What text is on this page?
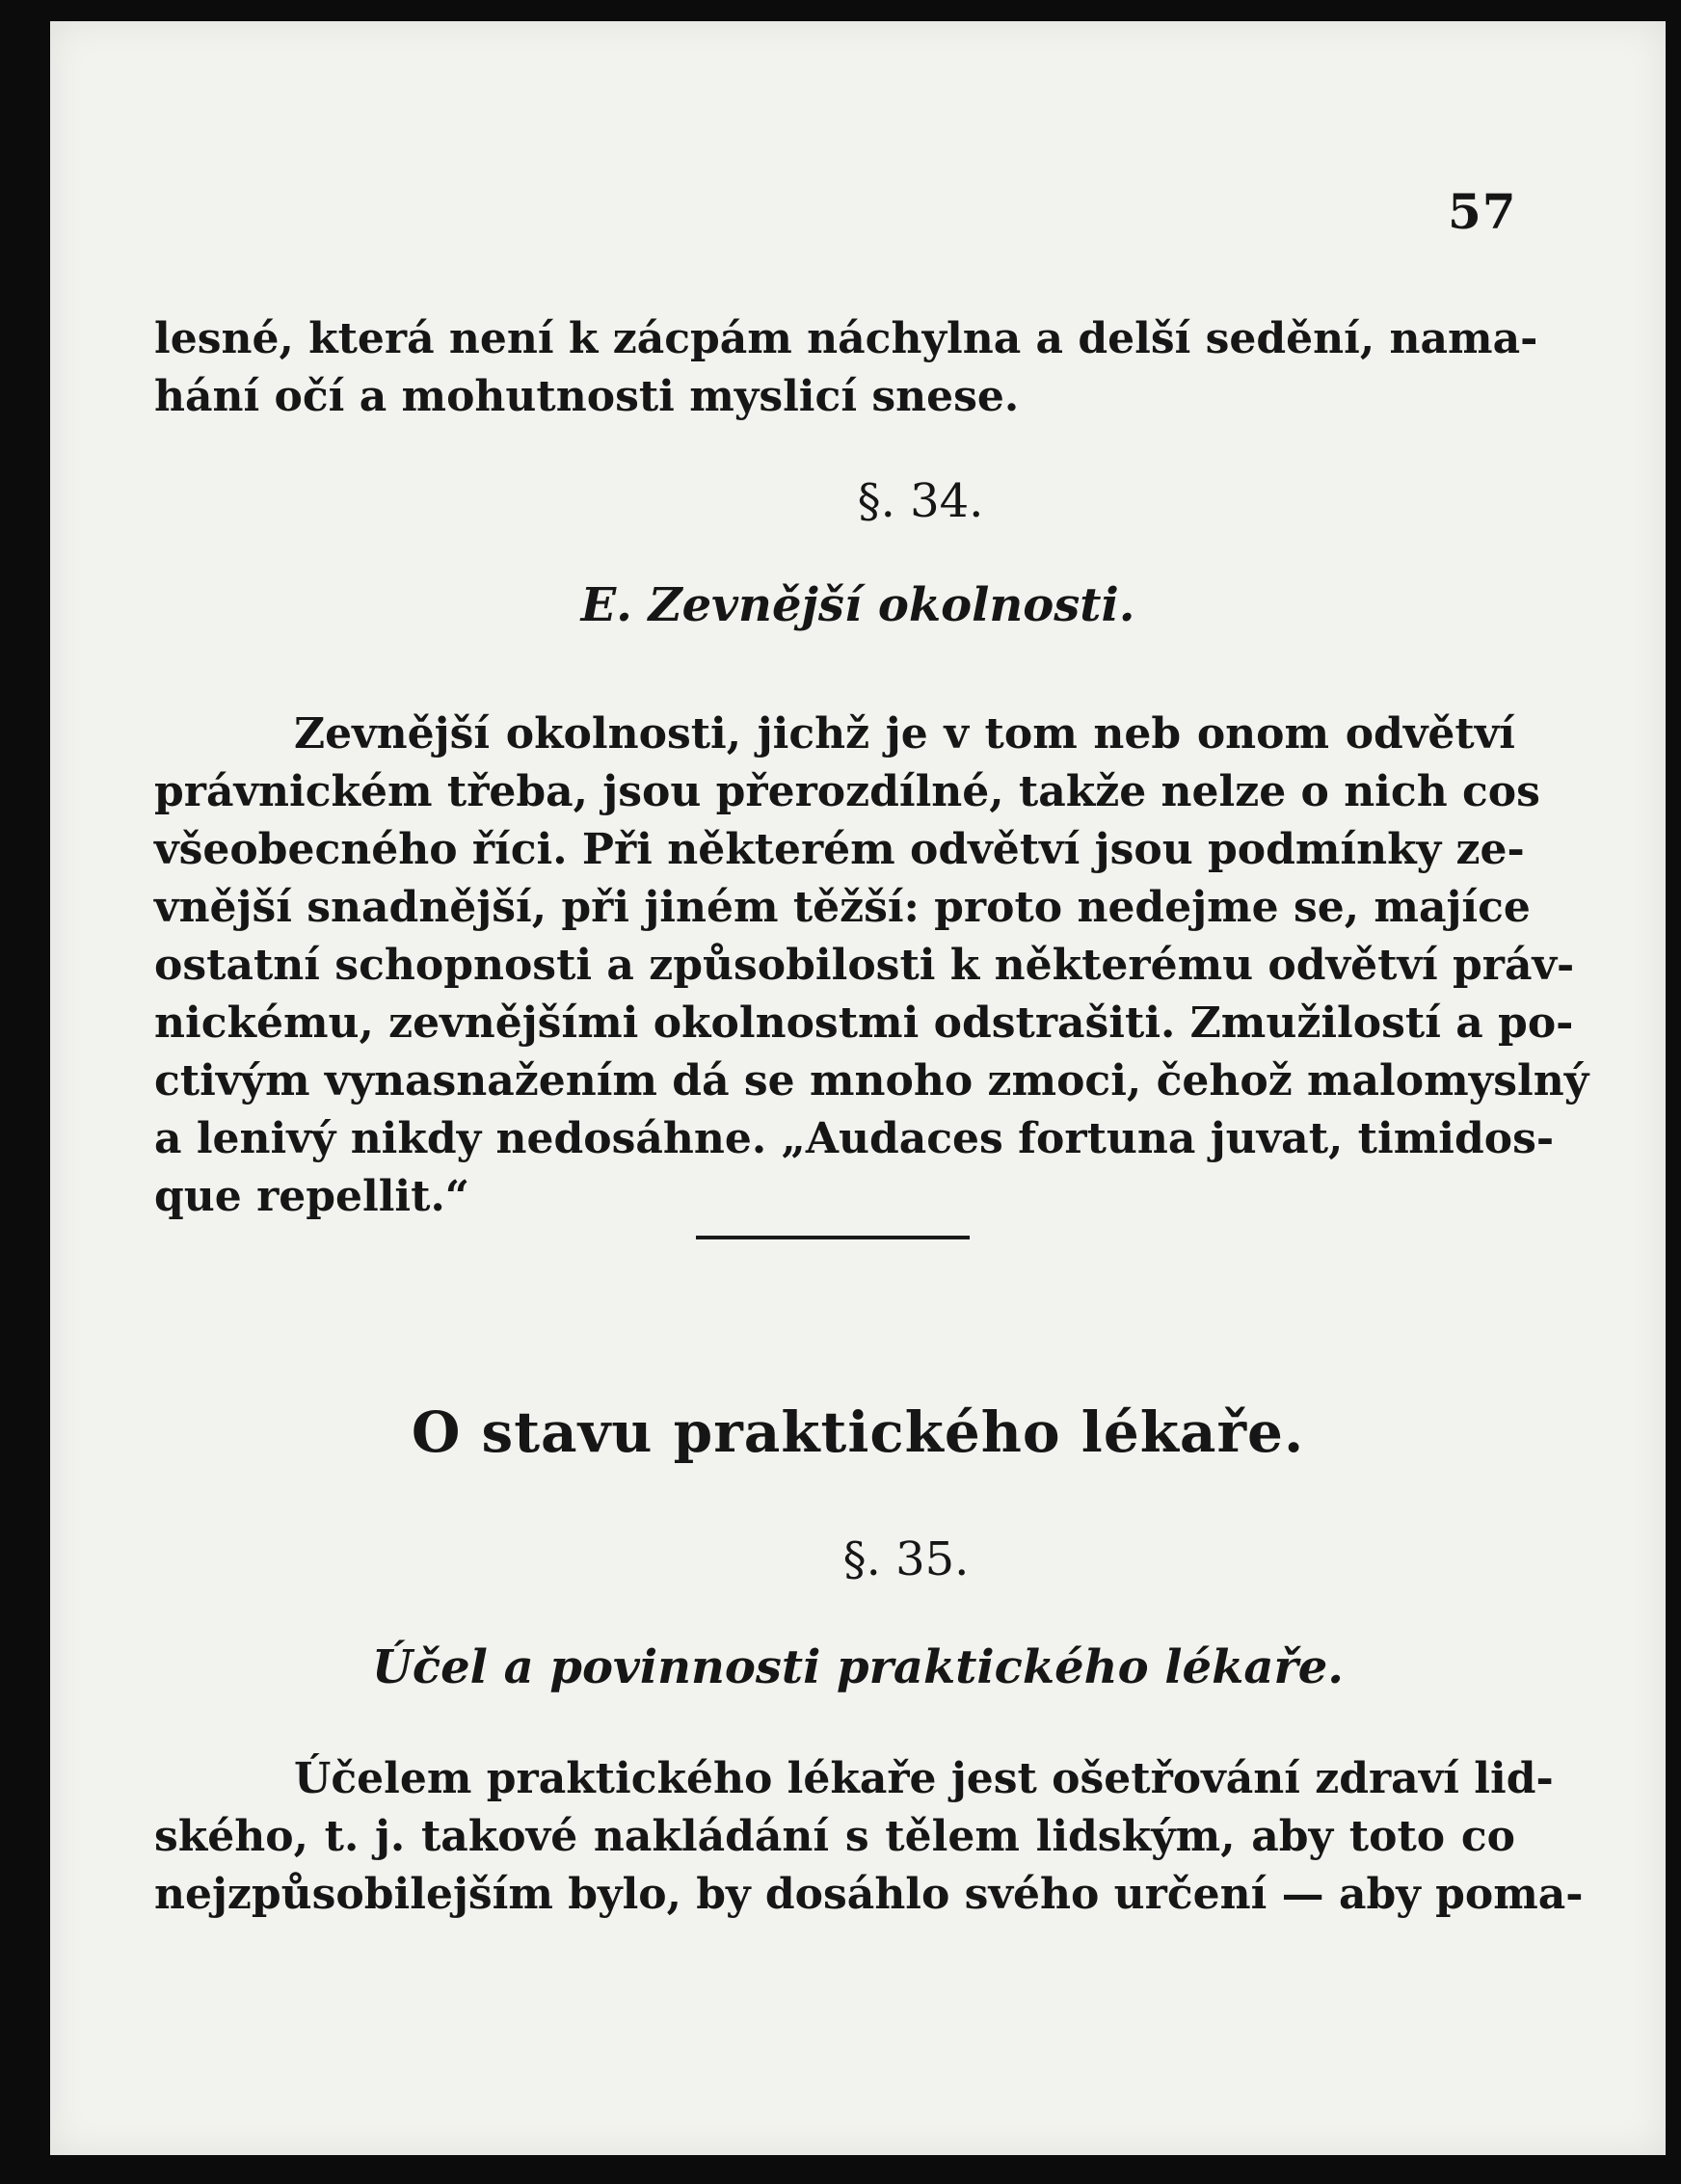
57

lesné, která není k zácpám náchylna a delší sedění, nama-
hání očí a mohutnosti myslicí snese.

§. 34.
E. Zevnější okolnosti.

Zevnější okolnosti, jichž je v tom neb onom odvětví
právnickém třeba, jsou přerozdílné, takže nelze o nich cos
všeobecného říci. Při některém odvětví jsou podmínky ze-
vnější snadnější, při jiném těžší: proto nedejme se, majíce
ostatní schopnosti a způsobilosti k některému odvětví práv-
nickému, zevnějšími okolnostmi odstrašiti. Zmužilostí a po-
ctivým vynasnažením dá se mnoho zmoci, čehož malomyslný
a lenivý nikdy nedosáhne. „Audaces fortuna juvat, timidos-
que repellit.“

O stavu praktického lékaře.
§. 35.
Účel a povinnosti praktického lékaře.

Účelem praktického lékaře jest ošetřování zdraví lid-
ského, t. j. takové nakládání s tělem lidským, aby toto co
nejzpůsobilejším bylo, by dosáhlo svého určení — aby poma-
